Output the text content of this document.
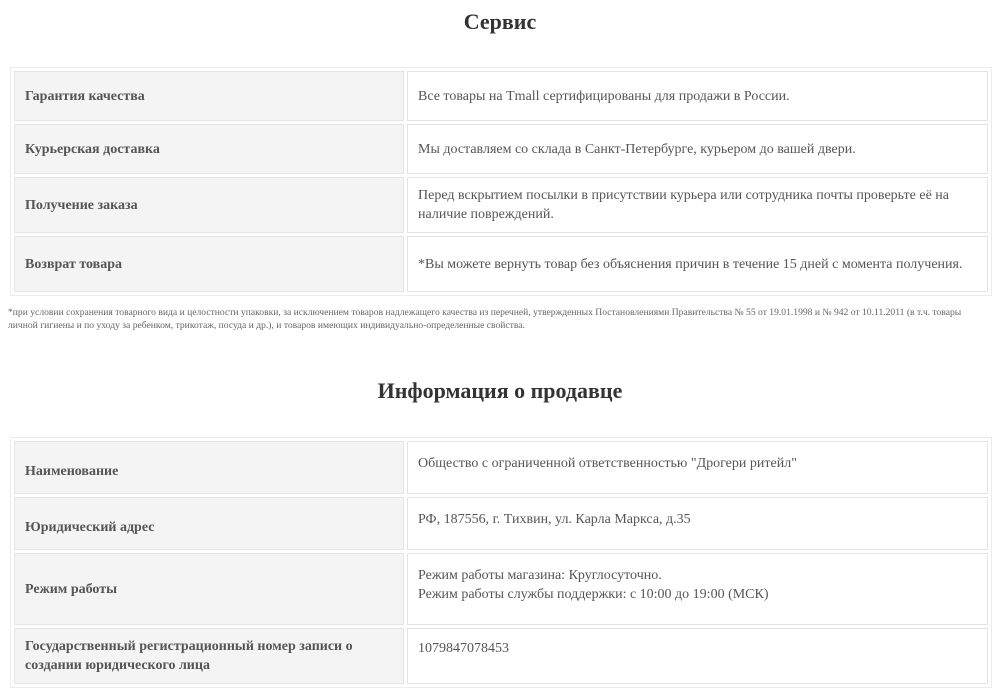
Сервис
Гарантия качества	Все товары на Tmall сертифицированы для продажи в России.
Курьерская доставка	Мы доставляем со склада в Санкт-Петербурге, курьером до вашей двери.
Получение заказа	Перед вскрытием посылки в присутствии курьера или сотрудника почты проверьте её на наличие повреждений.
Возврат товара	*Вы можете вернуть товар без объяснения причин в течение 15 дней с момента получения.
*при условии сохранения товарного вида и целостности упаковки, за исключением товаров надлежащего качества из перечней, утвержденных Постановлениями Правительства № 55 от 19.01.1998 и № 942 от 10.11.2011 (в т.ч. товары личной гигиены и по уходу за ребенком, трикотаж, посуда и др.), и товаров имеющих индивидуально-определенные свойства.
Информация о продавце
Наименование	Общество с ограниченной ответственностью "Дрогери ритейл"
Юридический адрес	РФ, 187556, г. Тихвин, ул. Карла Маркса, д.35
Режим работы	Режим работы магазина: Круглосуточно.
Режим работы службы поддержки: с 10:00 до 19:00 (МСК)

Государственный регистрационный номер записи о создании юридического лица	1079847078453
